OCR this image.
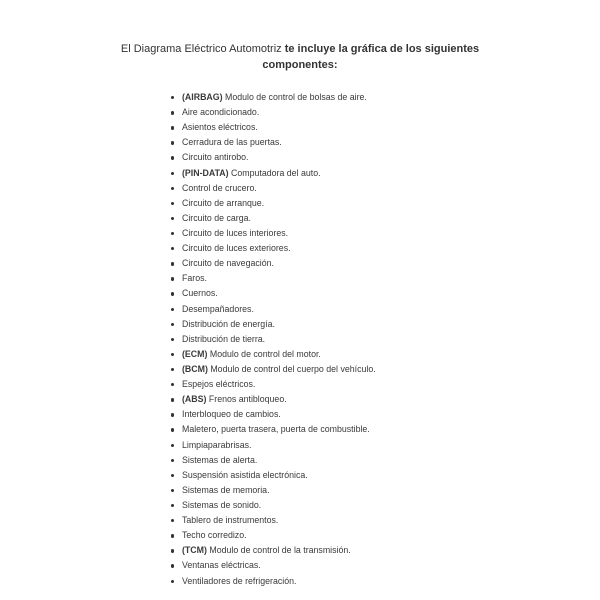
El Diagrama Eléctrico Automotriz te incluye la gráfica de los siguientes componentes:
(AIRBAG) Modulo de control de bolsas de aire.
Aire acondicionado.
Asientos eléctricos.
Cerradura de las puertas.
Circuito antirobo.
(PIN-DATA) Computadora del auto.
Control de crucero.
Circuito de arranque.
Circuito de carga.
Circuito de luces interiores.
Circuito de luces exteriores.
Circuito de navegación.
Faros.
Cuernos.
Desempañadores.
Distribución de energía.
Distribución de tierra.
(ECM) Modulo de control del motor.
(BCM) Modulo de control del cuerpo del vehículo.
Espejos eléctricos.
(ABS) Frenos antibloqueo.
Interbloqueo de cambios.
Maletero, puerta trasera, puerta de combustible.
Limpiaparabrisas.
Sistemas de alerta.
Suspensión asistida electrónica.
Sistemas de memoria.
Sistemas de sonido.
Tablero de instrumentos.
Techo corredizo.
(TCM) Modulo de control de la transmisión.
Ventanas eléctricas.
Ventiladores de refrigeración.
